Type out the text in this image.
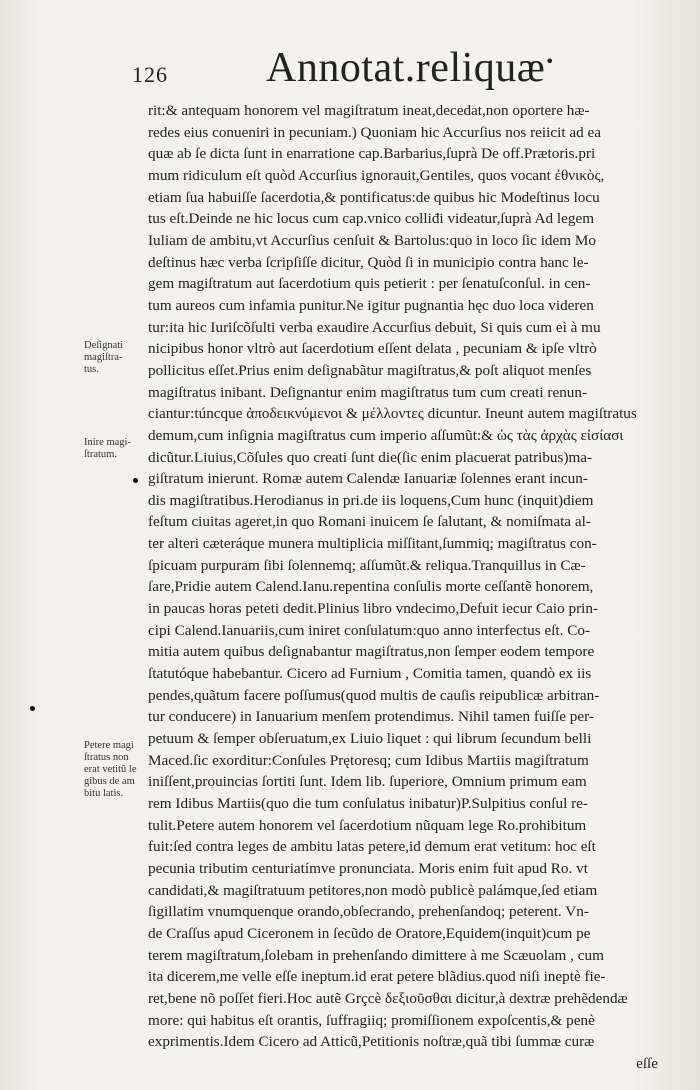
126 Annotat.reliquæ •
rit:& antequam honorem vel magiſtratum ineat,decedat,non oportere hæ-
redes eius conueniri in pecuniam.) Quoniam hic Accurſius nos reiicit ad ea
quæ ab ſe dicta ſunt in enarratione cap.Barbarius,ſuprà De off.Prætoris.pri
mum ridiculum eſt quòd Accurſius ignorauit,Gentiles, quos vocant ἐθνικὸς,
etiam ſua habuiſſe ſacerdotia,& pontificatus:de quibus hic Modeſtinus locu
tus eſt.Deinde ne hic locus cum cap.vnico colliđi videatur,ſuprà Ad legem
Iuliam de ambitu,vt Accurſius cenſuit & Bartolus:quo in loco ſic idem Mo
deſtinus hæc verba ſcripſiſſe dicitur, Quòd ſi in municipio contra hanc le-
gem magiſtratum aut ſacerdotium quis petierit : per ſenatuſconſul. in cen-
tum aureos cum infamia punitur.Ne igitur pugnantia hęc duo loca videren
tur:ita hic Iuriſcõſulti verba exaudire Accurſius debuit, Si quis cum eì à mu
nicipibus honor vltrò aut ſacerdotium eſſent delata , pecuniam & ipſe vltrò
pollicitus eſſet.Prius enim deſignabãtur magiſtratus,& poſt aliquot menſes
magiſtratus inibant. Deſignantur enim magiſtratus tum cum creati renun-
ciantur:túncque ἀποδεικνύμενοι & μέλλοντες dicuntur. Ineunt autem magiſtratus
demum,cum inſignia magiſtratus cum imperio aſſumũt:& ὡς τὰς ἀρχὰς εἰσίασι
dicũtur.Liuius,Cõſules quo creati ſunt die(ſic enim placuerat patribus)ma-
giſtratum inierunt. Romæ autem Calendæ Ianuariæ ſolennes erant incun-
dis magiſtratibus.Herodianus in pri.de iis loquens,Cum hunc (inquit)diem
feſtum ciuitas ageret,in quo Romani inuicem ſe ſalutant, & nomiſmata al-
ter alteri cæteráque munera multiplicia miſſitant,ſummiq; magiſtratus con-
ſpicuam purpuram ſibi ſolennemq; aſſumũt.& reliqua.Tranquillus in Cæ-
ſare,Pridie autem Calend.Ianu.repentina conſulis morte ceſſantẽ honorem,
in paucas horas peteti dedit.Plinius libro vndecimo,Defuit iecur Caio prin-
cipi Calend.Ianuariis,cum iniret conſulatum:quo anno interfectus eſt. Co-
mitia autem quibus deſignabantur magiſtratus,non ſemper eodem tempore
ſtatutóque habebantur. Cicero ad Furnium , Comitia tamen, quandò ex iis
pendes,quãtum facere poſſumus(quod multis de cauſis reipublicæ arbitran-
tur conducere) in Ianuarium menſem protendimus. Nihil tamen fuiſſe per-
petuum & ſemper obſeruatum,ex Liuio liquet : qui librum ſecundum belli
Maced.ſic exorditur:Conſules Prętoresq; cum Idibus Martiis magiſtratum
iniſſent,prouincias ſortiti ſunt. Idem lib. ſuperiore, Omnium primum eam
rem Idibus Martiis(quo die tum conſulatus inibatur)P.Sulpitius conſul re-
tulit.Petere autem honorem vel ſacerdotium nũquam lege Ro.prohibitum
fuit:ſed contra leges de ambitu latas petere,id demum erat vetitum: hoc eſt
pecunia tributim centuriatímve pronunciata. Moris enim fuit apud Ro. vt
candidati,& magiſtratuum petitores,non modò publicè palámque,ſed etiam
ſigillatim vnumquenque orando,obſecrando, prehenſandoq; peterent. Vn-
de Craſſus apud Ciceronem in ſecũdo de Oratore,Equidem(inquit)cum pe
terem magiſtratum,ſolebam in prehenſando dimittere à me Scæuolam , cum
ita dicerem,me velle eſſe ineptum.id erat petere blãdius.quod niſi ineptè fie-
ret,bene nõ poſſet fieri.Hoc autẽ Grçcè δεξιοῦσθαι dicitur,à dextræ prehẽdendæ
more: qui habitus eſt orantis, ſuffragiiq; promiſſionem expoſcentis,& penè
exprimentis.Idem Cicero ad Atticũ,Petitionis noſtræ,quã tibi ſummæ curæ
eſſe
Deſignati
magiſtra-
tus.
Inire magi-
ſtratum.
Petere magi
ſtratus non
erat vetitũ le
gibus de am
bitu latis.
